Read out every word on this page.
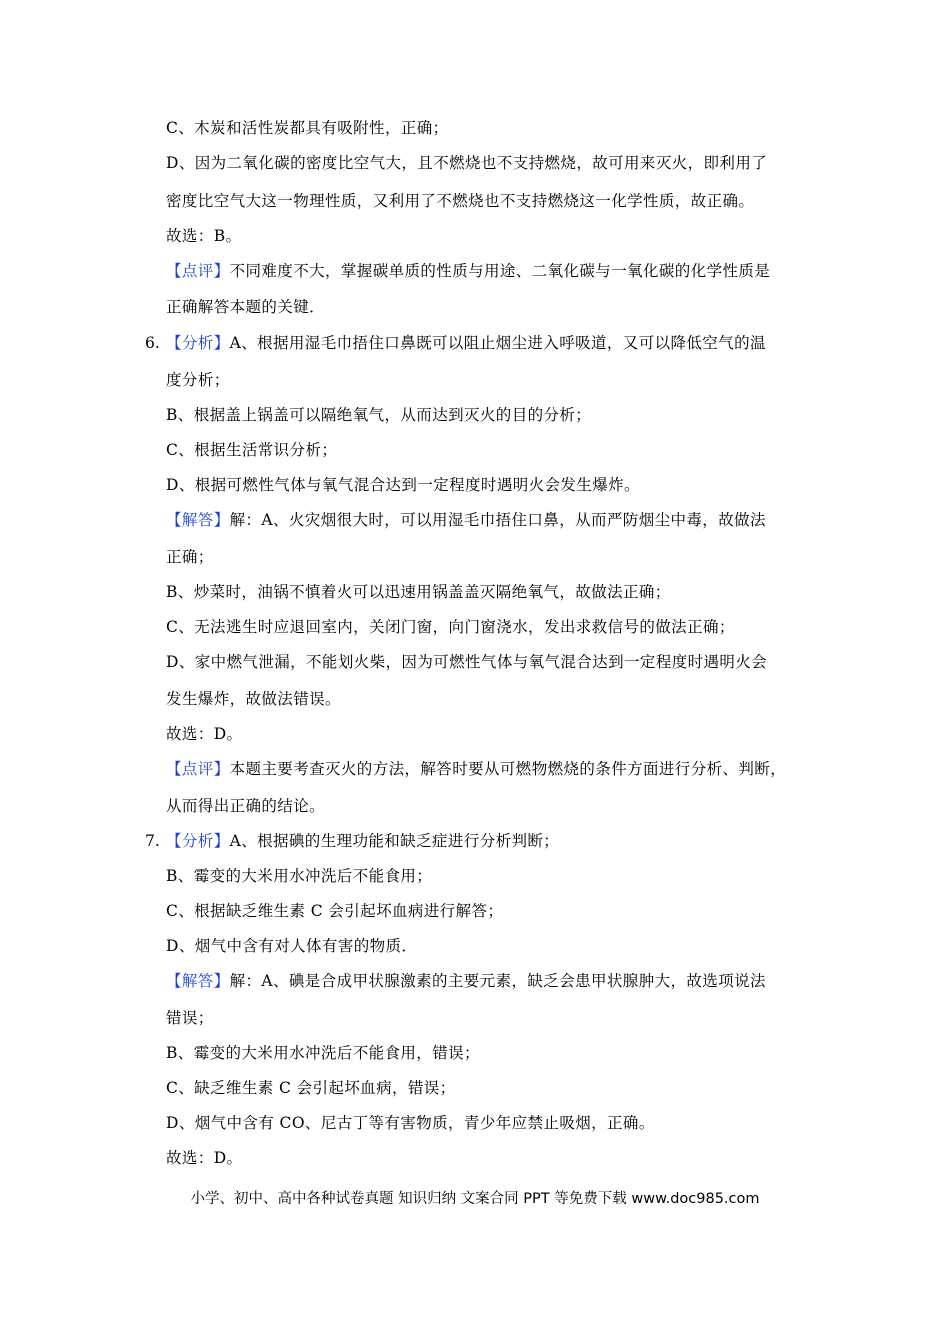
C、木炭和活性炭都具有吸附性，正确；
D、因为二氧化碳的密度比空气大，且不燃烧也不支持燃烧，故可用来灭火，即利用了
密度比空气大这一物理性质，又利用了不燃烧也不支持燃烧这一化学性质，故正确。
故选：B。
【点评】不同难度不大，掌握碳单质的性质与用途、二氧化碳与一氧化碳的化学性质是
正确解答本题的关键．
6. 【分析】A、根据用湿毛巾捂住口鼻既可以阻止烟尘进入呼吸道，又可以降低空气的温
度分析；
B、根据盖上锅盖可以隔绝氧气，从而达到灭火的目的分析；
C、根据生活常识分析；
D、根据可燃性气体与氧气混合达到一定程度时遇明火会发生爆炸。
【解答】解：A、火灾烟很大时，可以用湿毛巾捂住口鼻，从而严防烟尘中毒，故做法
正确；
B、炒菜时，油锅不慎着火可以迅速用锅盖盖灭隔绝氧气，故做法正确；
C、无法逃生时应退回室内，关闭门窗，向门窗浇水，发出求救信号的做法正确；
D、家中燃气泄漏，不能划火柴，因为可燃性气体与氧气混合达到一定程度时遇明火会
发生爆炸，故做法错误。
故选：D。
【点评】本题主要考查灭火的方法，解答时要从可燃物燃烧的条件方面进行分析、判断，
从而得出正确的结论。
7. 【分析】A、根据碘的生理功能和缺乏症进行分析判断；
B、霉变的大米用水冲洗后不能食用；
C、根据缺乏维生素 C 会引起坏血病进行解答；
D、烟气中含有对人体有害的物质．
【解答】解：A、碘是合成甲状腺激素的主要元素，缺乏会患甲状腺肿大，故选项说法
错误；
B、霉变的大米用水冲洗后不能食用，错误；
C、缺乏维生素 C 会引起坏血病，错误；
D、烟气中含有 CO、尼古丁等有害物质，青少年应禁止吸烟，正确。
故选：D。
小学、初中、高中各种试卷真题 知识归纳 文案合同 PPT 等免费下载 www.doc985.com
